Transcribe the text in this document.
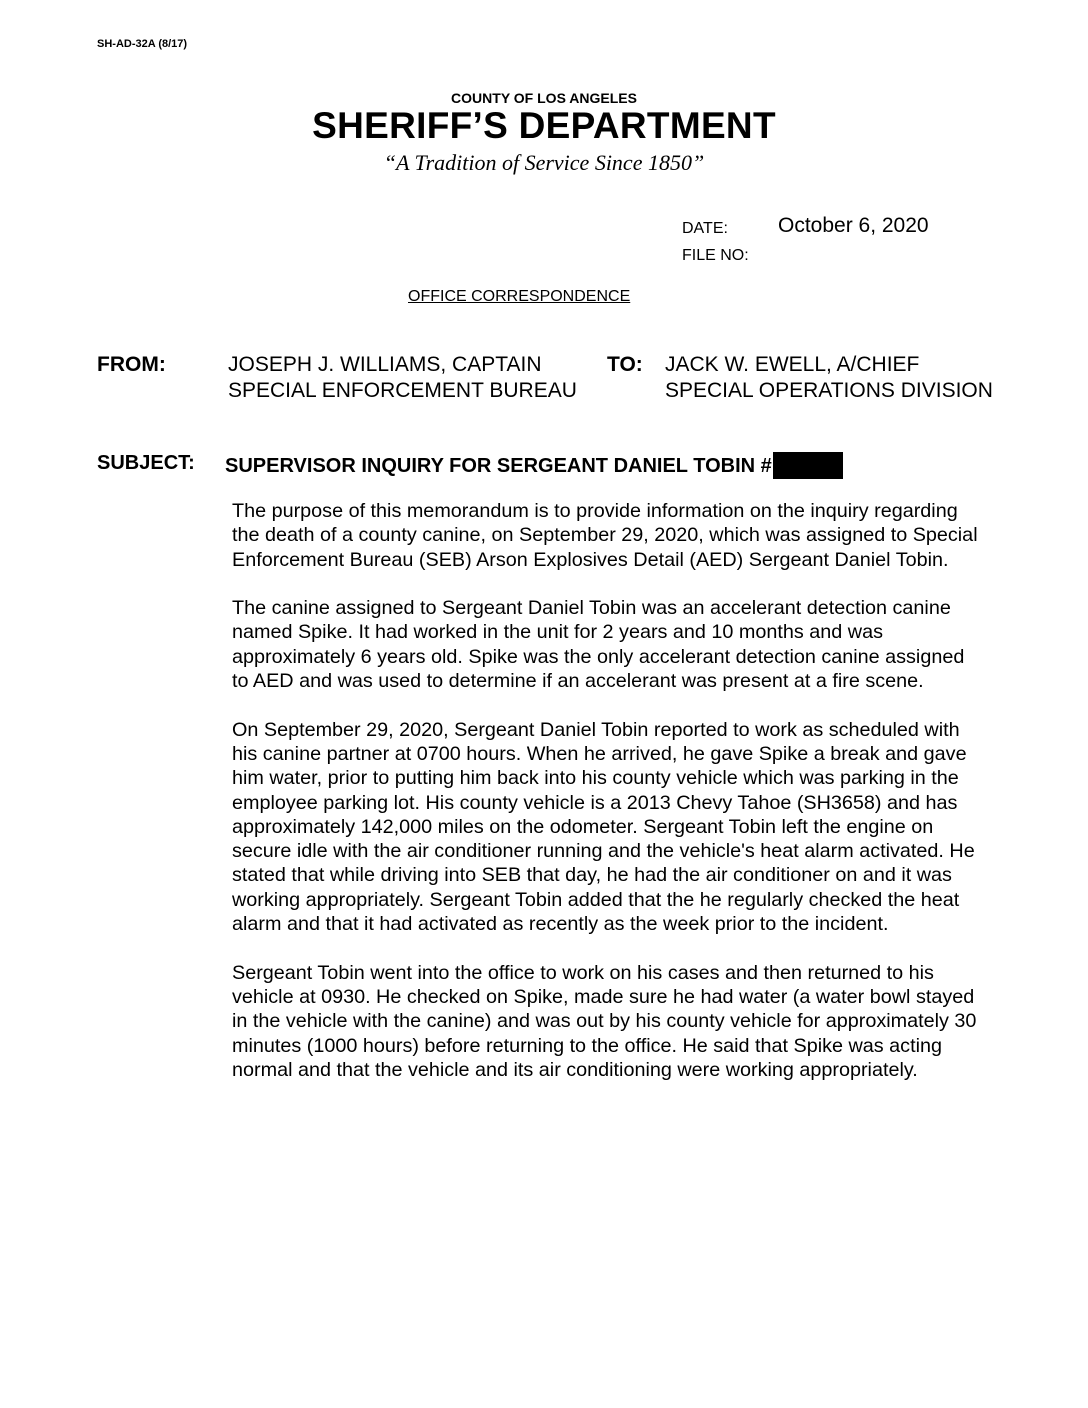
SH-AD-32A (8/17)
COUNTY OF LOS ANGELES
SHERIFF’S DEPARTMENT
“A Tradition of Service Since 1850”
DATE: October 6, 2020
FILE NO:
OFFICE CORRESPONDENCE
FROM:	JOSEPH J. WILLIAMS, CAPTAIN
SPECIAL ENFORCEMENT BUREAU
TO: JACK W. EWELL, A/CHIEF
SPECIAL OPERATIONS DIVISION
SUBJECT: SUPERVISOR INQUIRY FOR SERGEANT DANIEL TOBIN #

The purpose of this memorandum is to provide information on the inquiry regarding the death of a county canine, on September 29, 2020, which was assigned to Special Enforcement Bureau (SEB) Arson Explosives Detail (AED) Sergeant Daniel Tobin.

The canine assigned to Sergeant Daniel Tobin was an accelerant detection canine named Spike. It had worked in the unit for 2 years and 10 months and was approximately 6 years old. Spike was the only accelerant detection canine assigned to AED and was used to determine if an accelerant was present at a fire scene.

On September 29, 2020, Sergeant Daniel Tobin reported to work as scheduled with his canine partner at 0700 hours. When he arrived, he gave Spike a break and gave him water, prior to putting him back into his county vehicle which was parking in the employee parking lot. His county vehicle is a 2013 Chevy Tahoe (SH3658) and has approximately 142,000 miles on the odometer. Sergeant Tobin left the engine on secure idle with the air conditioner running and the vehicle's heat alarm activated. He stated that while driving into SEB that day, he had the air conditioner on and it was working appropriately. Sergeant Tobin added that the he regularly checked the heat alarm and that it had activated as recently as the week prior to the incident.

Sergeant Tobin went into the office to work on his cases and then returned to his vehicle at 0930. He checked on Spike, made sure he had water (a water bowl stayed in the vehicle with the canine) and was out by his county vehicle for approximately 30 minutes (1000 hours) before returning to the office. He said that Spike was acting normal and that the vehicle and its air conditioning were working appropriately.
